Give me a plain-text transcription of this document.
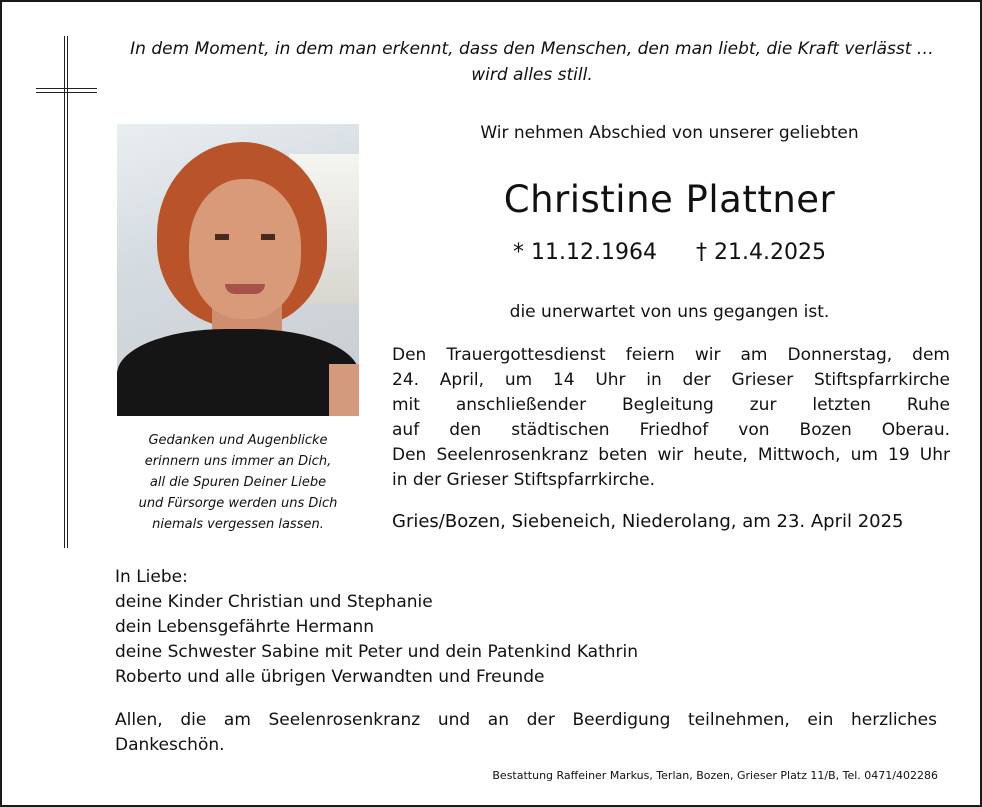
In dem Moment, in dem man erkennt, dass den Menschen, den man liebt, die Kraft verlässt …
wird alles still.
Gedanken und Augenblicke
erinnern uns immer an Dich,
all die Spuren Deiner Liebe
und Fürsorge werden uns Dich
niemals vergessen lassen.
Wir nehmen Abschied von unserer geliebten
Christine Plattner
* 11.12.1964 † 21.4.2025
die unerwartet von uns gegangen ist.
Den Trauergottesdienst feiern wir am Donnerstag, dem
24. April, um 14 Uhr in der Grieser Stiftspfarrkirche
mit anschließender Begleitung zur letzten Ruhe
auf den städtischen Friedhof von Bozen Oberau.
Den Seelenrosenkranz beten wir heute, Mittwoch, um 19 Uhr
in der Grieser Stiftspfarrkirche.
Gries/Bozen, Siebeneich, Niederolang, am 23. April 2025
In Liebe:
deine Kinder Christian und Stephanie
dein Lebensgefährte Hermann
deine Schwester Sabine mit Peter und dein Patenkind Kathrin
Roberto und alle übrigen Verwandten und Freunde
Allen, die am Seelenrosenkranz und an der Beerdigung teilnehmen, ein herzliches
Dankeschön.
Bestattung Raffeiner Markus, Terlan, Bozen, Grieser Platz 11/B, Tel. 0471/402286
